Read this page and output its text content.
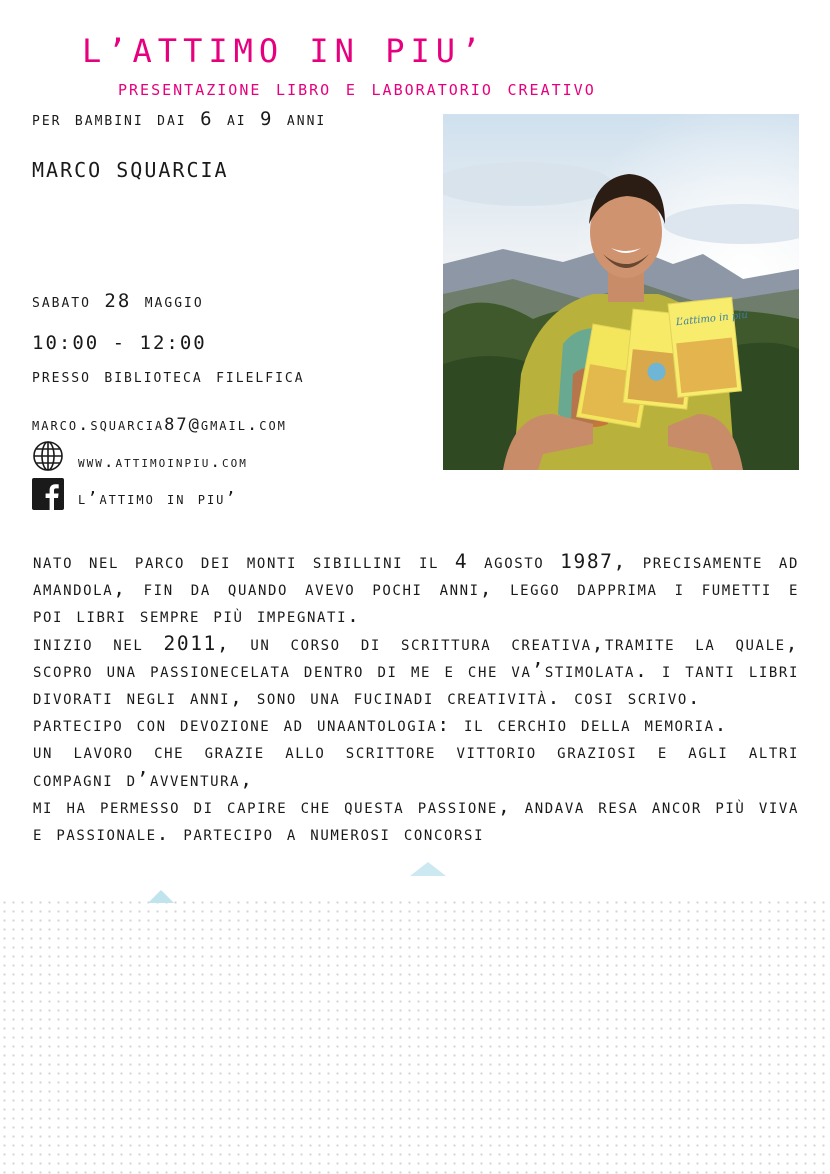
L’ATTIMO IN PIU’
presentazione libro e laboratorio creativo
per bambini dai 6 ai 9 anni
MARCO SQUARCIA
sabato 28 maggio
10:00 - 12:00
presso biblioteca filelfica
marco.squarcia87@gmail.com
www.attimoinpiu.com
l’attimo in piu’
L’attimo in più

nato nel parco dei monti sibillini il 4 agosto 1987, precisamente ad amandola, fin da quando avevo pochi anni, leggo dapprima i fumetti e poi libri sempre più impegnati.

inizio nel 2011, un corso di scrittura creativa,tramite la quale, scopro una passionecelata dentro di me e che va’stimolata. i tanti libri divorati negli anni, sono una fucinadi creatività. cosi scrivo.

partecipo con devozione ad unaantologia: il cerchio della memoria.

un lavoro che grazie allo scrittore vittorio graziosi e agli altri compagni d’avventura,

mi ha permesso di capire che questa passione, andava resa ancor più viva e passionale. partecipo a numerosi concorsi
